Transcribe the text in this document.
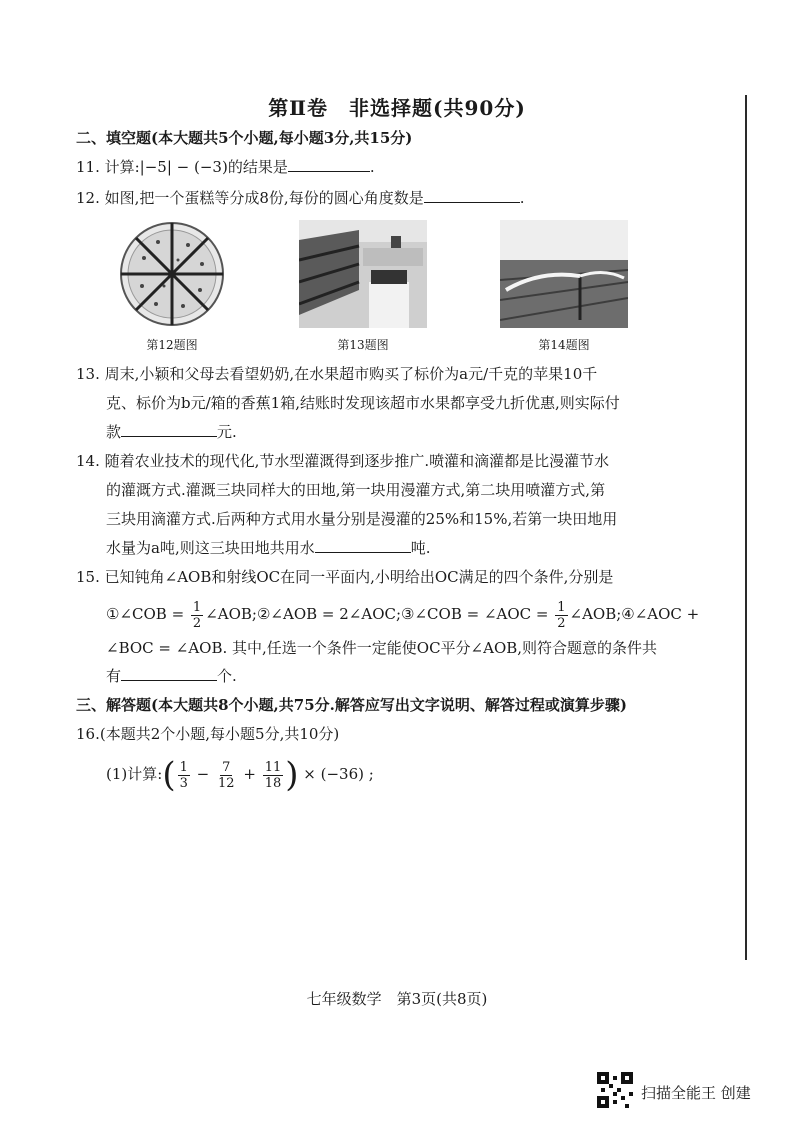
第Ⅱ卷　非选择题(共90分)
二、填空题(本大题共5个小题,每小题3分,共15分)
11. 计算:|−5| − (−3)的结果是	.
12. 如图,把一个蛋糕等分成8份,每份的圆心角度数是	.
第12题图	第13题图	第14题图
13. 周末,小颖和父母去看望奶奶,在水果超市购买了标价为a元/千克的苹果10千
克、标价为b元/箱的香蕉1箱,结账时发现该超市水果都享受九折优惠,则实际付
款	元.
14. 随着农业技术的现代化,节水型灌溉得到逐步推广.喷灌和滴灌都是比漫灌节水
的灌溉方式.灌溉三块同样大的田地,第一块用漫灌方式,第二块用喷灌方式,第
三块用滴灌方式.后两种方式用水量分别是漫灌的25%和15%,若第一块田地用
水量为a吨,则这三块田地共用水	吨.
15. 已知钝角∠AOB和射线OC在同一平面内,小明给出OC满足的四个条件,分别是
①∠COB = $\frac{1}{2}$ ∠AOB;②∠AOB = 2∠AOC;③∠COB = ∠AOC = $\frac{1}{2}$ ∠AOB;④∠AOC +
∠BOC = ∠AOB. 其中,任选一个条件一定能使OC平分∠AOB,则符合题意的条件共
有	个.
三、解答题(本大题共8个小题,共75分.解答应写出文字说明、解答过程或演算步骤)
16.(本题共2个小题,每小题5分,共10分)
(1)计算:( $\frac{1}{3} - \frac{7}{12} + \frac{11}{18}$ ) × (−36) ;
七年级数学　第3页(共8页)
扫描全能王 创建
